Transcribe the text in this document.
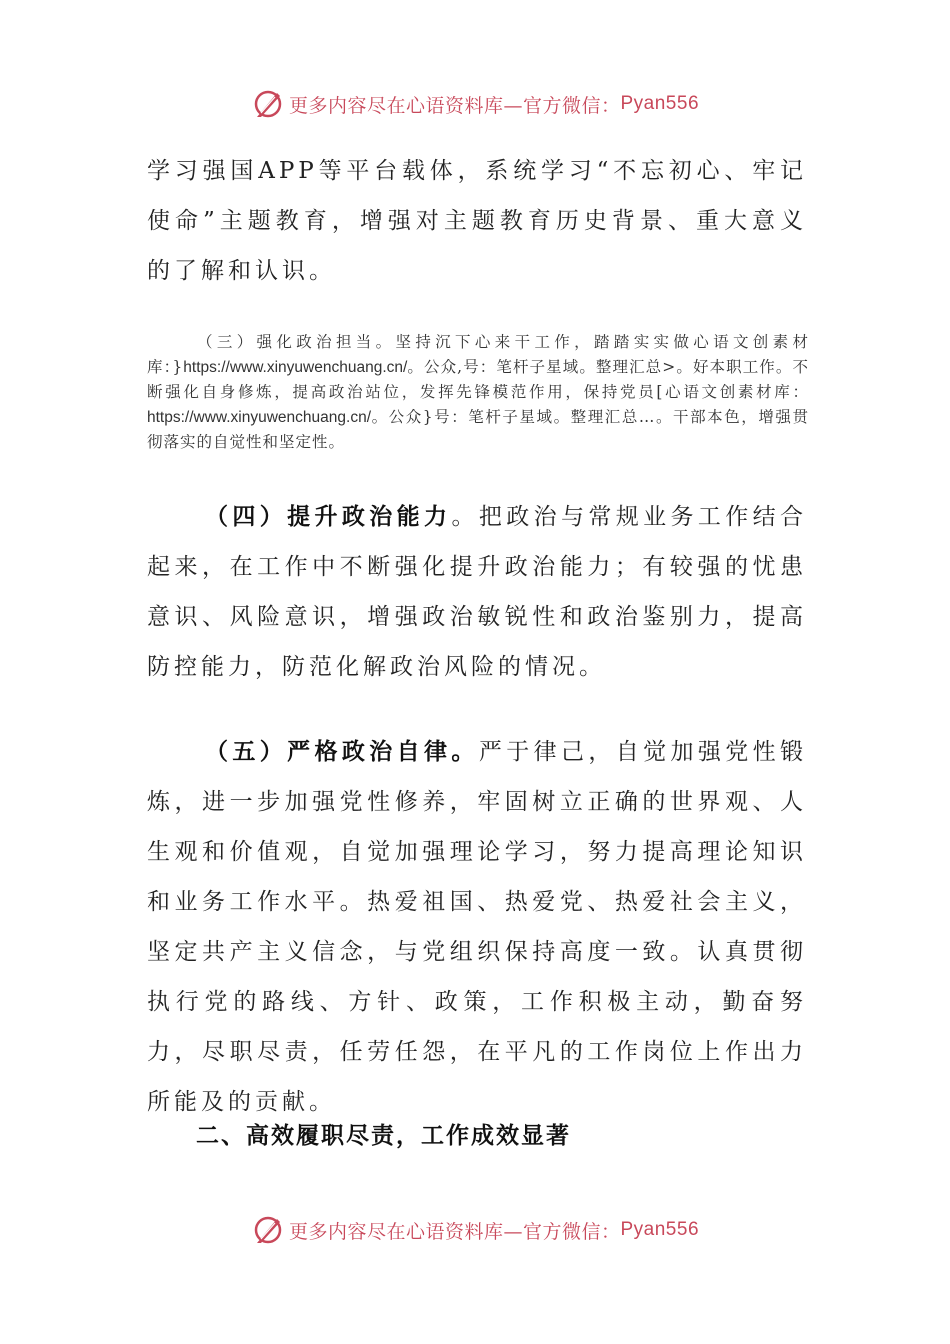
更多内容尽在心语资料库—官方微信： Pyan556

学习强国APP等平台载体，系统学习“不忘初心、牢记使命”主题教育，增强对主题教育历史背景、重大意义的了解和认识。

（三）强化政治担当。坚持沉下心来干工作，踏踏实实做心语文创素材库：}https://www.xinyuwenchuang.cn/。公众,号：笔杆子星域。整理汇总>。好本职工作。不断强化自身修炼，提高政治站位，发挥先锋模范作用，保持党员[心语文创素材库：https://www.xinyuwenchuang.cn/。公众}号：笔杆子星域。整理汇总…。干部本色，增强贯彻落实的自觉性和坚定性。

（四）提升政治能力。把政治与常规业务工作结合起来，在工作中不断强化提升政治能力；有较强的忧患意识、风险意识，增强政治敏锐性和政治鉴别力，提高防控能力，防范化解政治风险的情况。

（五）严格政治自律。严于律己，自觉加强党性锻炼，进一步加强党性修养，牢固树立正确的世界观、人生观和价值观，自觉加强理论学习，努力提高理论知识和业务工作水平。热爱祖国、热爱党、热爱社会主义，坚定共产主义信念，与党组织保持高度一致。认真贯彻执行党的路线、方针、政策，工作积极主动，勤奋努力，尽职尽责，任劳任怨，在平凡的工作岗位上作出力所能及的贡献。

二、高效履职尽责，工作成效显著
更多内容尽在心语资料库—官方微信： Pyan556
